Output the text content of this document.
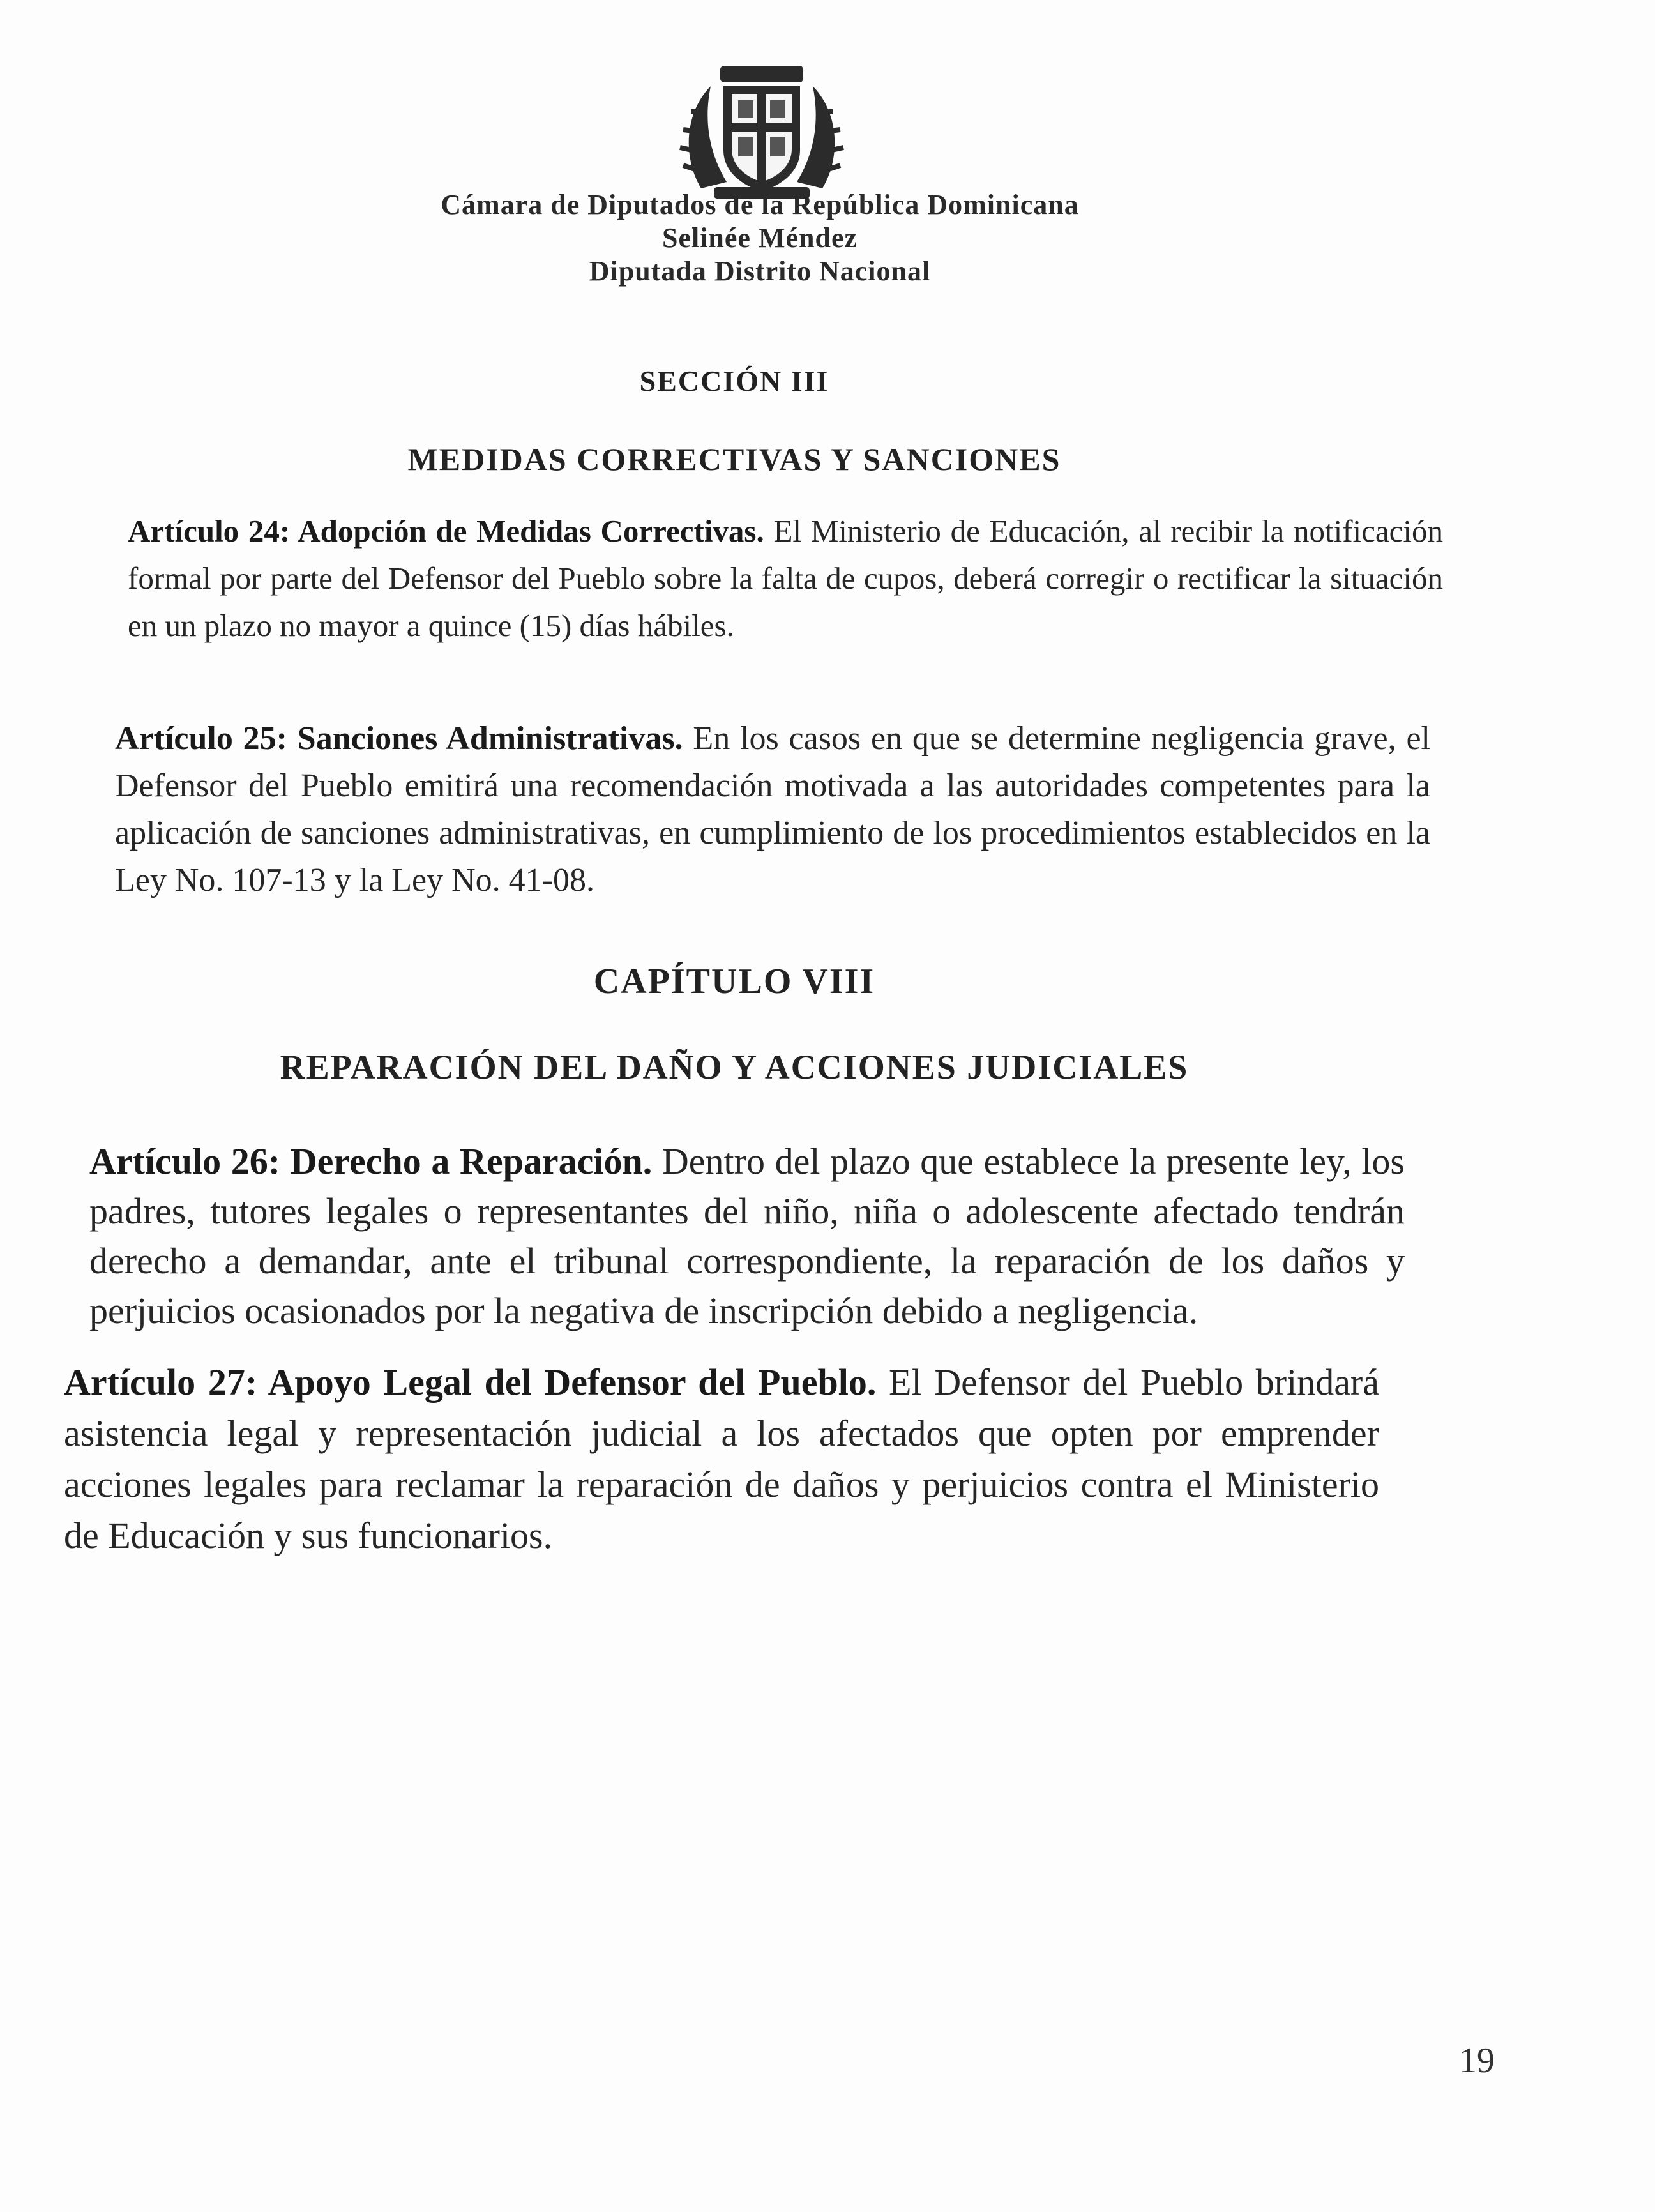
Cámara de Diputados de la República Dominicana
Selinée Méndez
Diputada Distrito Nacional
SECCIÓN III
MEDIDAS CORRECTIVAS Y SANCIONES
Artículo 24: Adopción de Medidas Correctivas. El Ministerio de Educación, al recibir la notificación formal por parte del Defensor del Pueblo sobre la falta de cupos, deberá corregir o rectificar la situación en un plazo no mayor a quince (15) días hábiles.
Artículo 25: Sanciones Administrativas. En los casos en que se determine negligencia grave, el Defensor del Pueblo emitirá una recomendación motivada a las autoridades competentes para la aplicación de sanciones administrativas, en cumplimiento de los procedimientos establecidos en la Ley No. 107-13 y la Ley No. 41-08.
CAPÍTULO VIII
REPARACIÓN DEL DAÑO Y ACCIONES JUDICIALES
Artículo 26: Derecho a Reparación. Dentro del plazo que establece la presente ley, los padres, tutores legales o representantes del niño, niña o adolescente afectado tendrán derecho a demandar, ante el tribunal correspondiente, la reparación de los daños y perjuicios ocasionados por la negativa de inscripción debido a negligencia.
Artículo 27: Apoyo Legal del Defensor del Pueblo. El Defensor del Pueblo brindará asistencia legal y representación judicial a los afectados que opten por emprender acciones legales para reclamar la reparación de daños y perjuicios contra el Ministerio de Educación y sus funcionarios.
19
